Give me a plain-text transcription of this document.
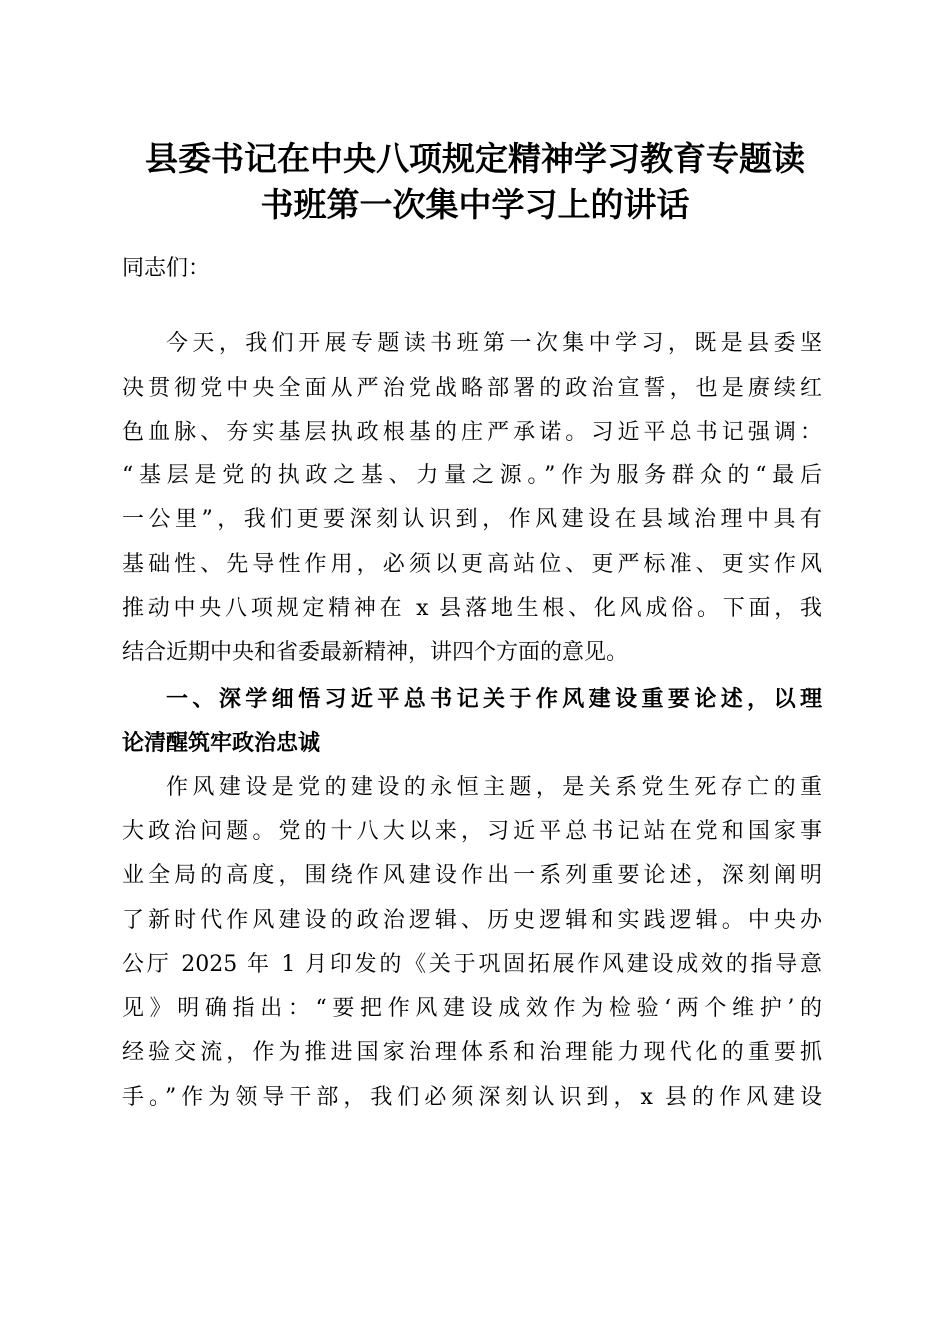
县委书记在中央八项规定精神学习教育专题读
书班第一次集中学习上的讲话
同志们：
今天，我们开展专题读书班第一次集中学习，既是县委坚
决贯彻党中央全面从严治党战略部署的政治宣誓，也是赓续红
色血脉、夯实基层执政根基的庄严承诺。习近平总书记强调：
“基层是党的执政之基、力量之源。”作为服务群众的“最后
一公里”，我们更要深刻认识到，作风建设在县域治理中具有
基础性、先导性作用，必须以更高站位、更严标准、更实作风
推动中央八项规定精神在 x 县落地生根、化风成俗。下面，我
结合近期中央和省委最新精神，讲四个方面的意见。
一、深学细悟习近平总书记关于作风建设重要论述，以理
论清醒筑牢政治忠诚
作风建设是党的建设的永恒主题，是关系党生死存亡的重
大政治问题。党的十八大以来，习近平总书记站在党和国家事
业全局的高度，围绕作风建设作出一系列重要论述，深刻阐明
了新时代作风建设的政治逻辑、历史逻辑和实践逻辑。中央办
公厅 2025 年 1 月印发的《关于巩固拓展作风建设成效的指导意
见》明确指出：“要把作风建设成效作为检验‘两个维护’的
经验交流，作为推进国家治理体系和治理能力现代化的重要抓
手。”作为领导干部，我们必须深刻认识到，x 县的作风建设
